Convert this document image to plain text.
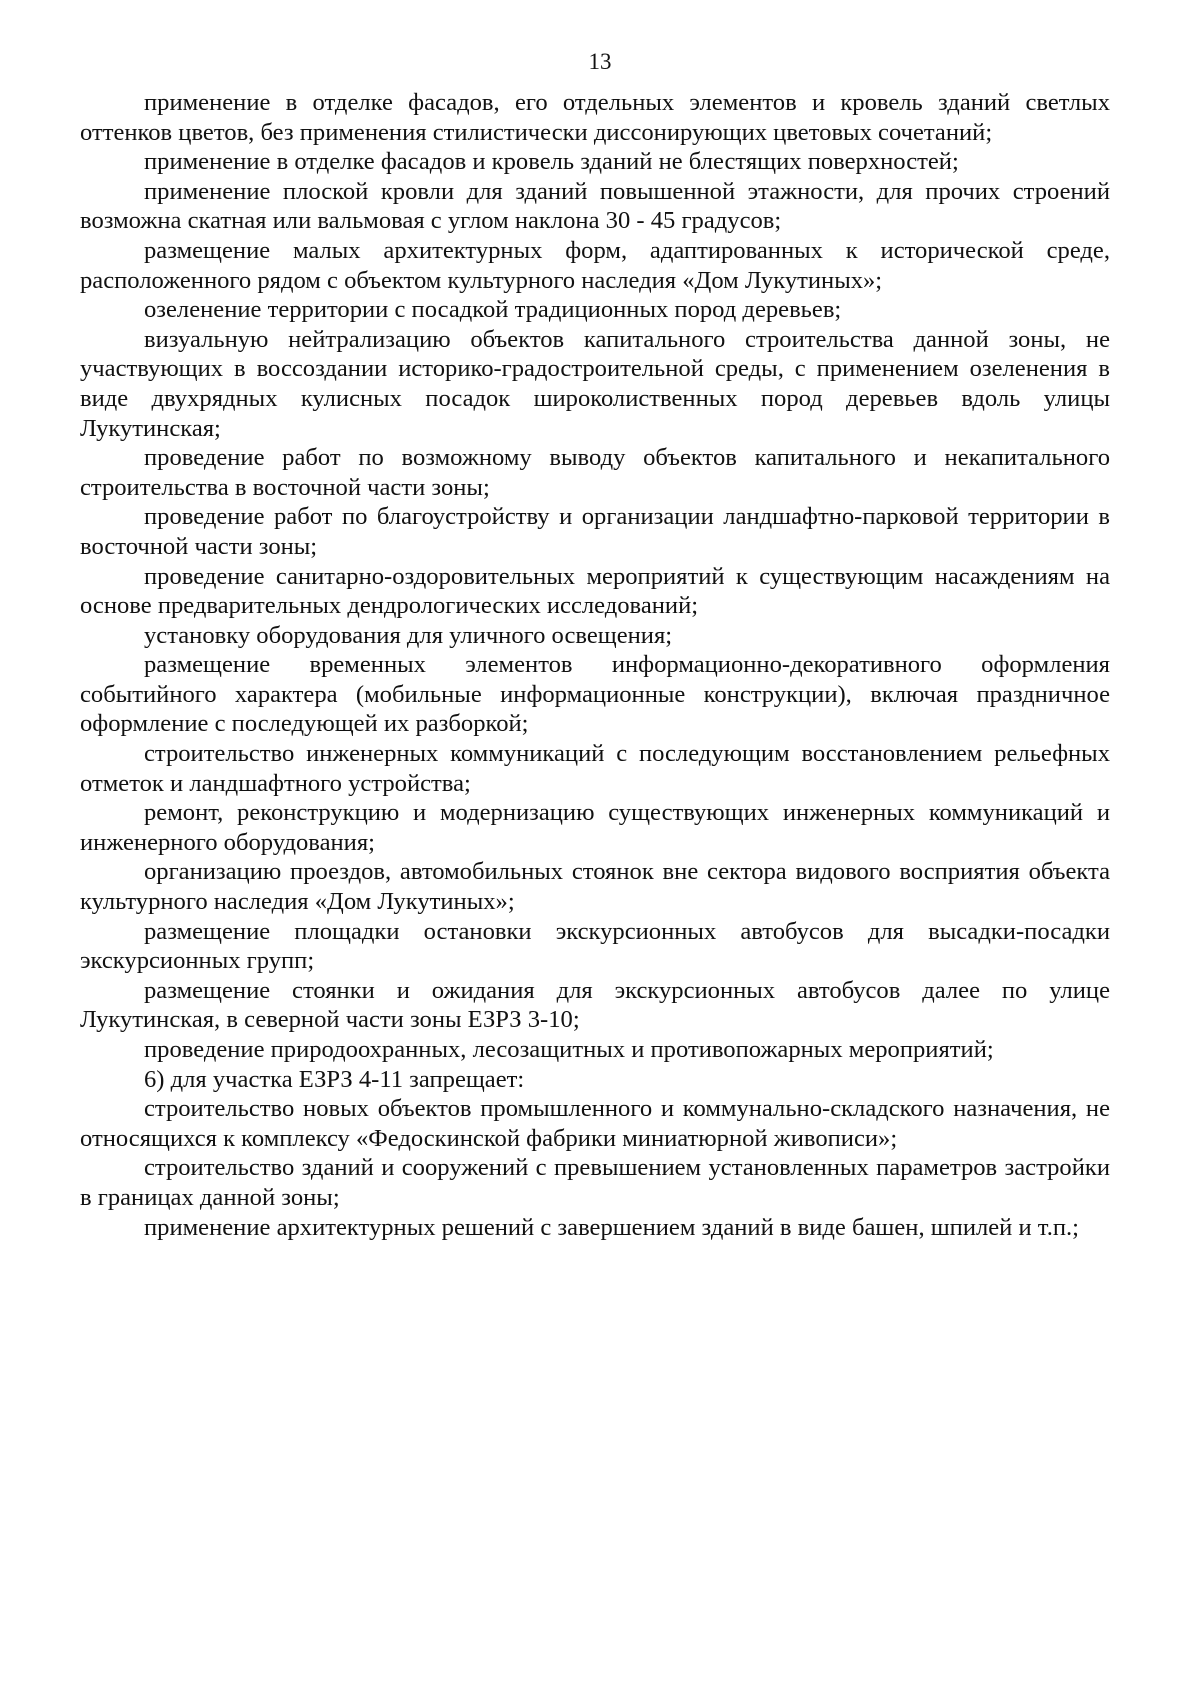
13

применение в отделке фасадов, его отдельных элементов и кровель зданий светлых оттенков цветов, без применения стилистически диссонирующих цветовых сочетаний;

применение в отделке фасадов и кровель зданий не блестящих поверхностей;

применение плоской кровли для зданий повышенной этажности, для прочих строений возможна скатная или вальмовая с углом наклона 30 - 45 градусов;

размещение малых архитектурных форм, адаптированных к исторической среде, расположенного рядом с объектом культурного наследия «Дом Лукутиных»;

озеленение территории с посадкой традиционных пород деревьев;

визуальную нейтрализацию объектов капитального строительства данной зоны, не участвующих в воссоздании историко-градостроительной среды, с применением озеленения в виде двухрядных кулисных посадок широколиственных пород деревьев вдоль улицы Лукутинская;

проведение работ по возможному выводу объектов капитального и некапитального строительства в восточной части зоны;

проведение работ по благоустройству и организации ландшафтно-парковой территории в восточной части зоны;

проведение санитарно-оздоровительных мероприятий к существующим насаждениям на основе предварительных дендрологических исследований;

установку оборудования для уличного освещения;

размещение временных элементов информационно-декоративного оформления событийного характера (мобильные информационные конструкции), включая праздничное оформление с последующей их разборкой;

строительство инженерных коммуникаций с последующим восстановлением рельефных отметок и ландшафтного устройства;

ремонт, реконструкцию и модернизацию существующих инженерных коммуникаций и инженерного оборудования;

организацию проездов, автомобильных стоянок вне сектора видового восприятия объекта культурного наследия «Дом Лукутиных»;

размещение площадки остановки экскурсионных автобусов для высадки-посадки экскурсионных групп;

размещение стоянки и ожидания для экскурсионных автобусов далее по улице Лукутинская, в северной части зоны ЕЗРЗ 3-10;

проведение природоохранных, лесозащитных и противопожарных мероприятий;

6) для участка ЕЗРЗ 4-11 запрещает:

строительство новых объектов промышленного и коммунально-складского назначения, не относящихся к комплексу «Федоскинской фабрики миниатюрной живописи»;

строительство зданий и сооружений с превышением установленных параметров застройки в границах данной зоны;

применение архитектурных решений с завершением зданий в виде башен, шпилей и т.п.;
